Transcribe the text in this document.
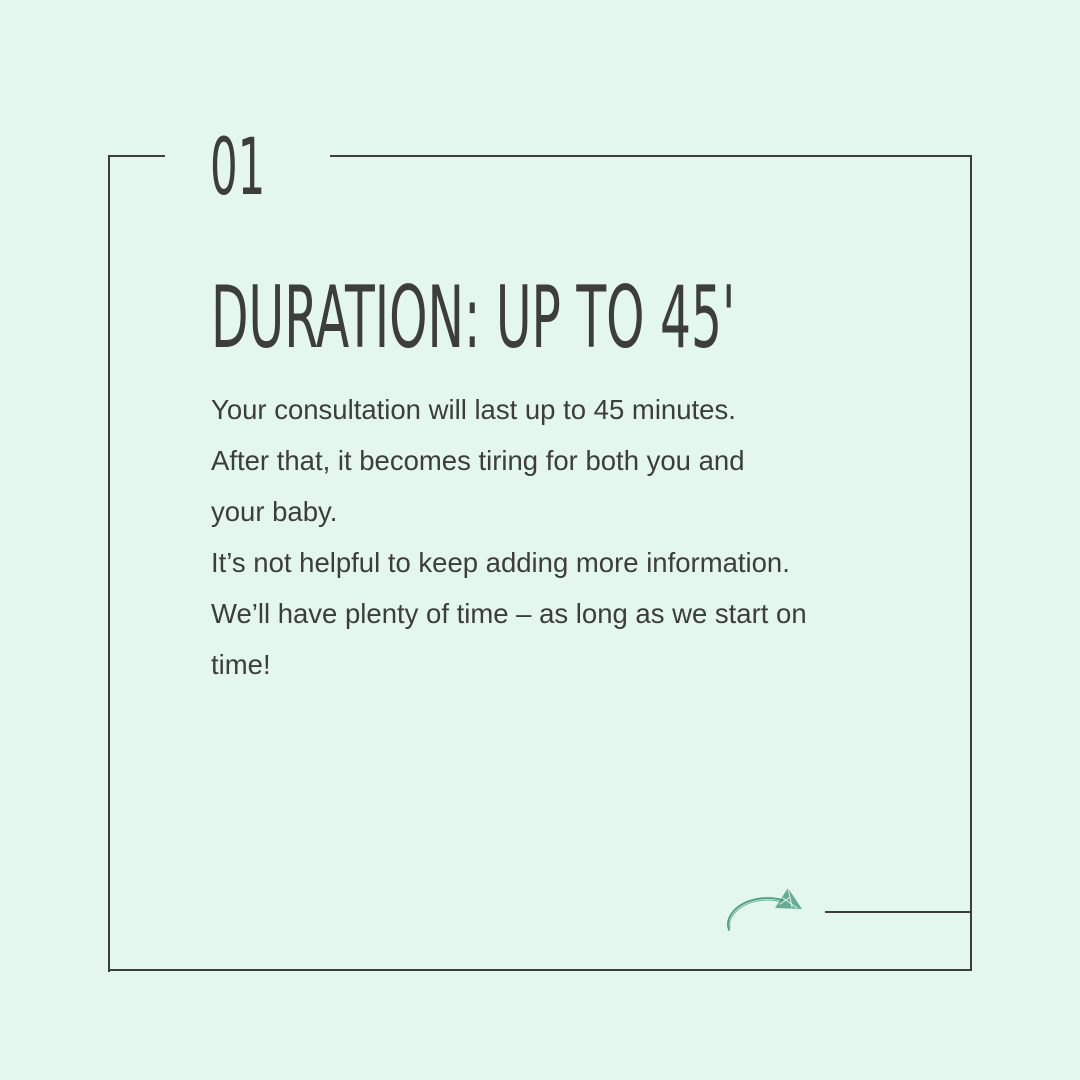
01
DURATION: UP TO 45'
Your consultation will last up to 45 minutes.
After that, it becomes tiring for both you and
your baby.
It’s not helpful to keep adding more information.
We’ll have plenty of time – as long as we start on
time!
